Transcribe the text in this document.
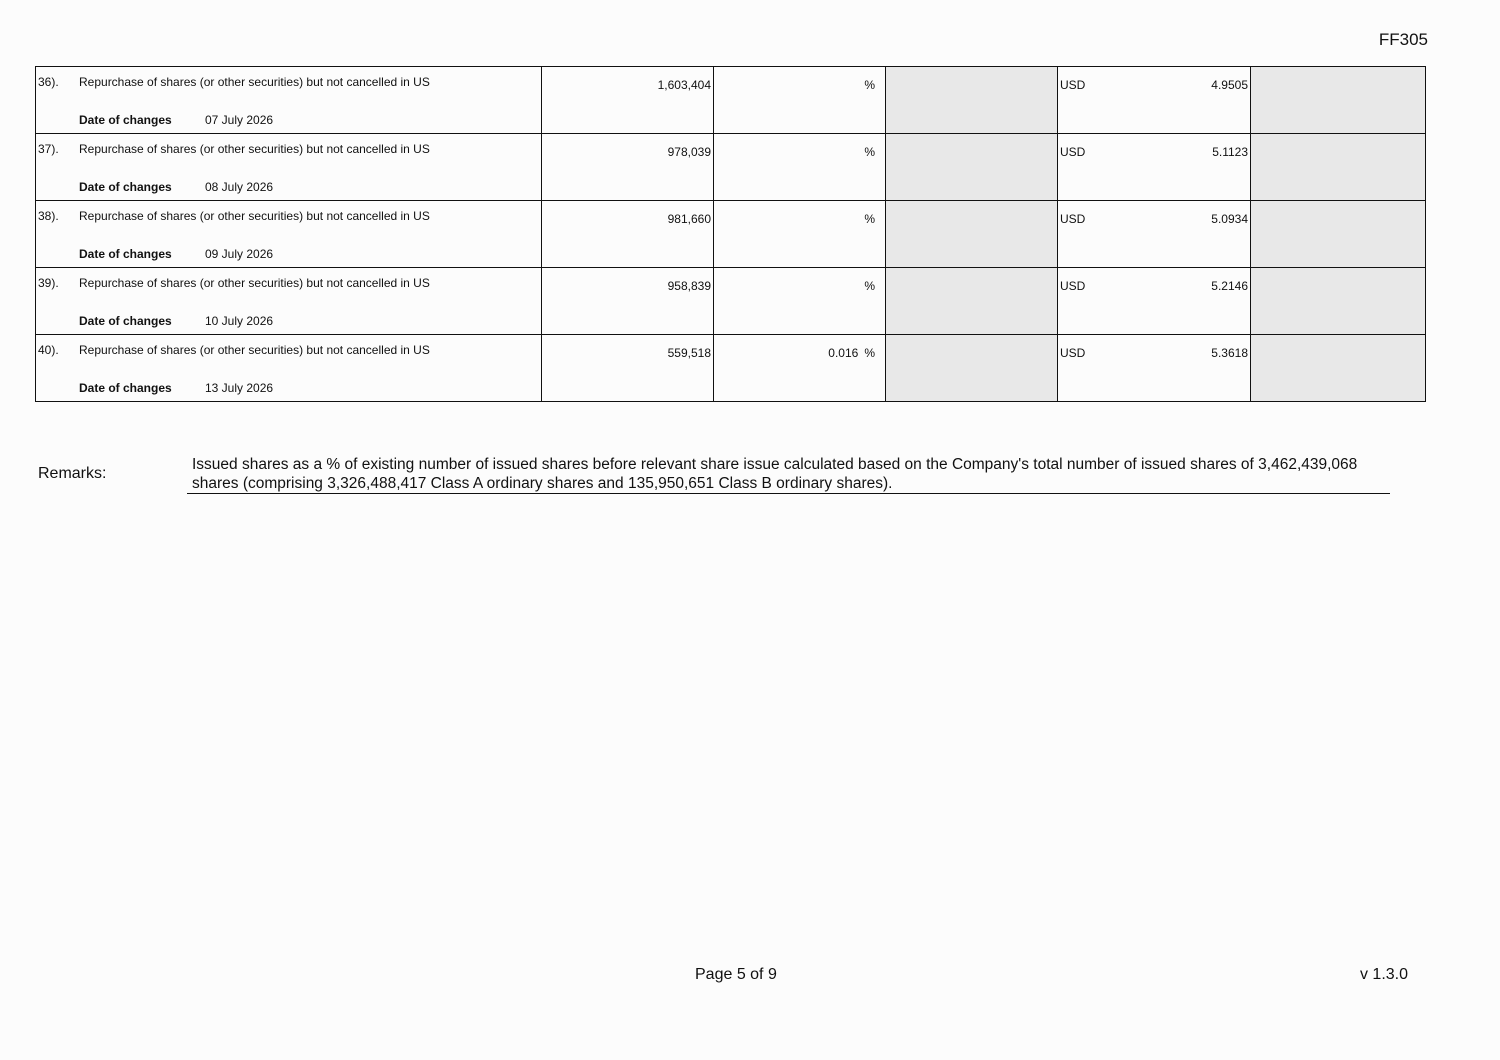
FF305
36). Repurchase of shares (or other securities) but not cancelled in US
Date of changes 07 July 2026	1,603,404	%		USD 4.9505	

37). Repurchase of shares (or other securities) but not cancelled in US
Date of changes 08 July 2026	978,039	%		USD 5.1123	

38). Repurchase of shares (or other securities) but not cancelled in US
Date of changes 09 July 2026	981,660	%		USD 5.0934	

39). Repurchase of shares (or other securities) but not cancelled in US
Date of changes 10 July 2026	958,839	%		USD 5.2146	

40). Repurchase of shares (or other securities) but not cancelled in US
Date of changes 13 July 2026	559,518	0.016 %		USD 5.3618	

Remarks:
Issued shares as a % of existing number of issued shares before relevant share issue calculated based on the Company's total number of issued shares of 3,462,439,068 shares (comprising 3,326,488,417 Class A ordinary shares and 135,950,651 Class B ordinary shares).
Page 5 of 9	v 1.3.0
